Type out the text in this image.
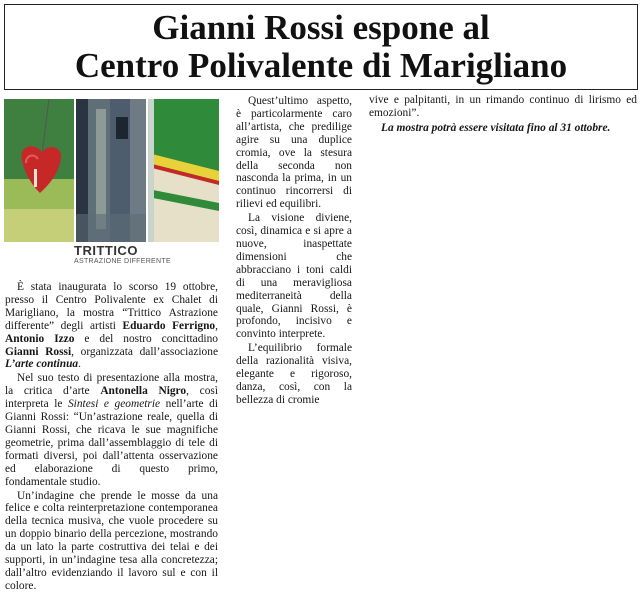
Gianni Rossi espone al
Centro Polivalente di Marigliano
TRITTICO
ASTRAZIONE DIFFERENTE

È stata inaugurata lo scorso 19 ottobre, presso il Centro Polivalente ex Chalet di Marigliano, la mostra “Trittico Astrazione differente” degli artisti Eduardo Ferrigno, Antonio Izzo e del nostro concittadino Gianni Rossi, organizzata dall’associazione L’arte continua.

Nel suo testo di presentazione alla mostra, la critica d’arte Antonella Nigro, così interpreta le Sintesi e geometrie nell’arte di Gianni Rossi: “Un’astrazione reale, quella di Gianni Rossi, che ricava le sue magnifiche geometrie, prima dall’assemblaggio di tele di formati diversi, poi dall’attenta osservazione ed elaborazione di questo primo, fondamentale studio.

Un’indagine che prende le mosse da una felice e colta reinterpretazione contemporanea della tecnica musiva, che vuole procedere su un doppio binario della percezione, mostrando da un lato la parte costruttiva dei telai e dei supporti, in un’indagine tesa alla concretezza; dall’altro evidenziando il lavoro sul e con il colore.

Quest’ultimo aspetto, è particolarmente caro all’artista, che predilige agire su una duplice cromia, ove la stesura della seconda non nasconda la prima, in un continuo rincorrersi di rilievi ed equilibri.

La visione diviene, così, dinamica e si apre a nuove, inaspettate dimensioni che abbracciano i toni caldi di una meravigliosa mediterraneità della quale, Gianni Rossi, è profondo, incisivo e convinto interprete.

L’equilibrio formale della razionalità visiva, elegante e rigoroso, danza, così, con la bellezza di cromie

vive e palpitanti, in un rimando continuo di lirismo ed emozioni”.

La mostra potrà essere visitata fino al 31 ottobre.
